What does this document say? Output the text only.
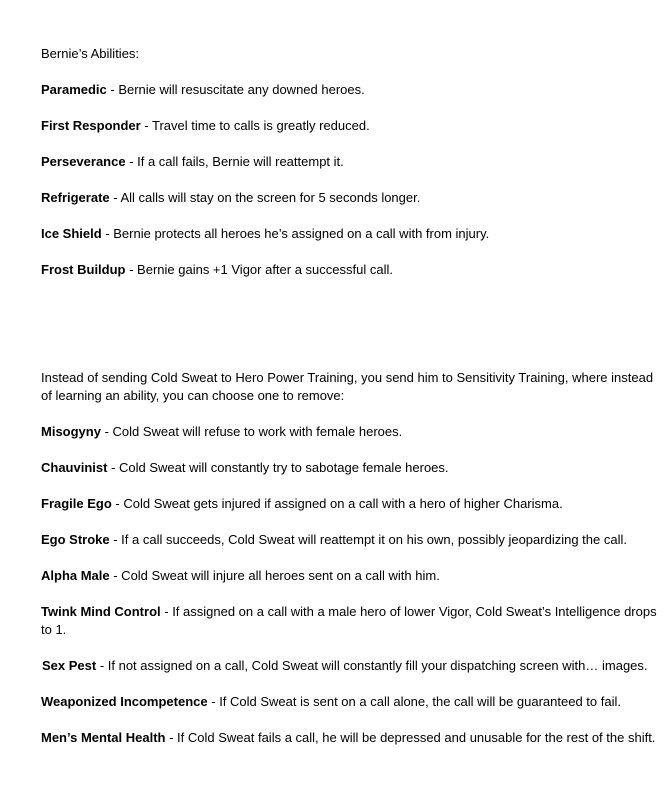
Bernie’s Abilities:
Paramedic - Bernie will resuscitate any downed heroes.
First Responder - Travel time to calls is greatly reduced.
Perseverance - If a call fails, Bernie will reattempt it.
Refrigerate - All calls will stay on the screen for 5 seconds longer.
Ice Shield - Bernie protects all heroes he’s assigned on a call with from injury.
Frost Buildup - Bernie gains +1 Vigor after a successful call.
Instead of sending Cold Sweat to Hero Power Training, you send him to Sensitivity Training, where instead of learning an ability, you can choose one to remove:
Misogyny - Cold Sweat will refuse to work with female heroes.
Chauvinist - Cold Sweat will constantly try to sabotage female heroes.
Fragile Ego - Cold Sweat gets injured if assigned on a call with a hero of higher Charisma.
Ego Stroke - If a call succeeds, Cold Sweat will reattempt it on his own, possibly jeopardizing the call.
Alpha Male - Cold Sweat will injure all heroes sent on a call with him.
Twink Mind Control - If assigned on a call with a male hero of lower Vigor, Cold Sweat’s Intelligence drops to 1.
Sex Pest - If not assigned on a call, Cold Sweat will constantly fill your dispatching screen with… images.
Weaponized Incompetence - If Cold Sweat is sent on a call alone, the call will be guaranteed to fail.
Men’s Mental Health - If Cold Sweat fails a call, he will be depressed and unusable for the rest of the shift.
